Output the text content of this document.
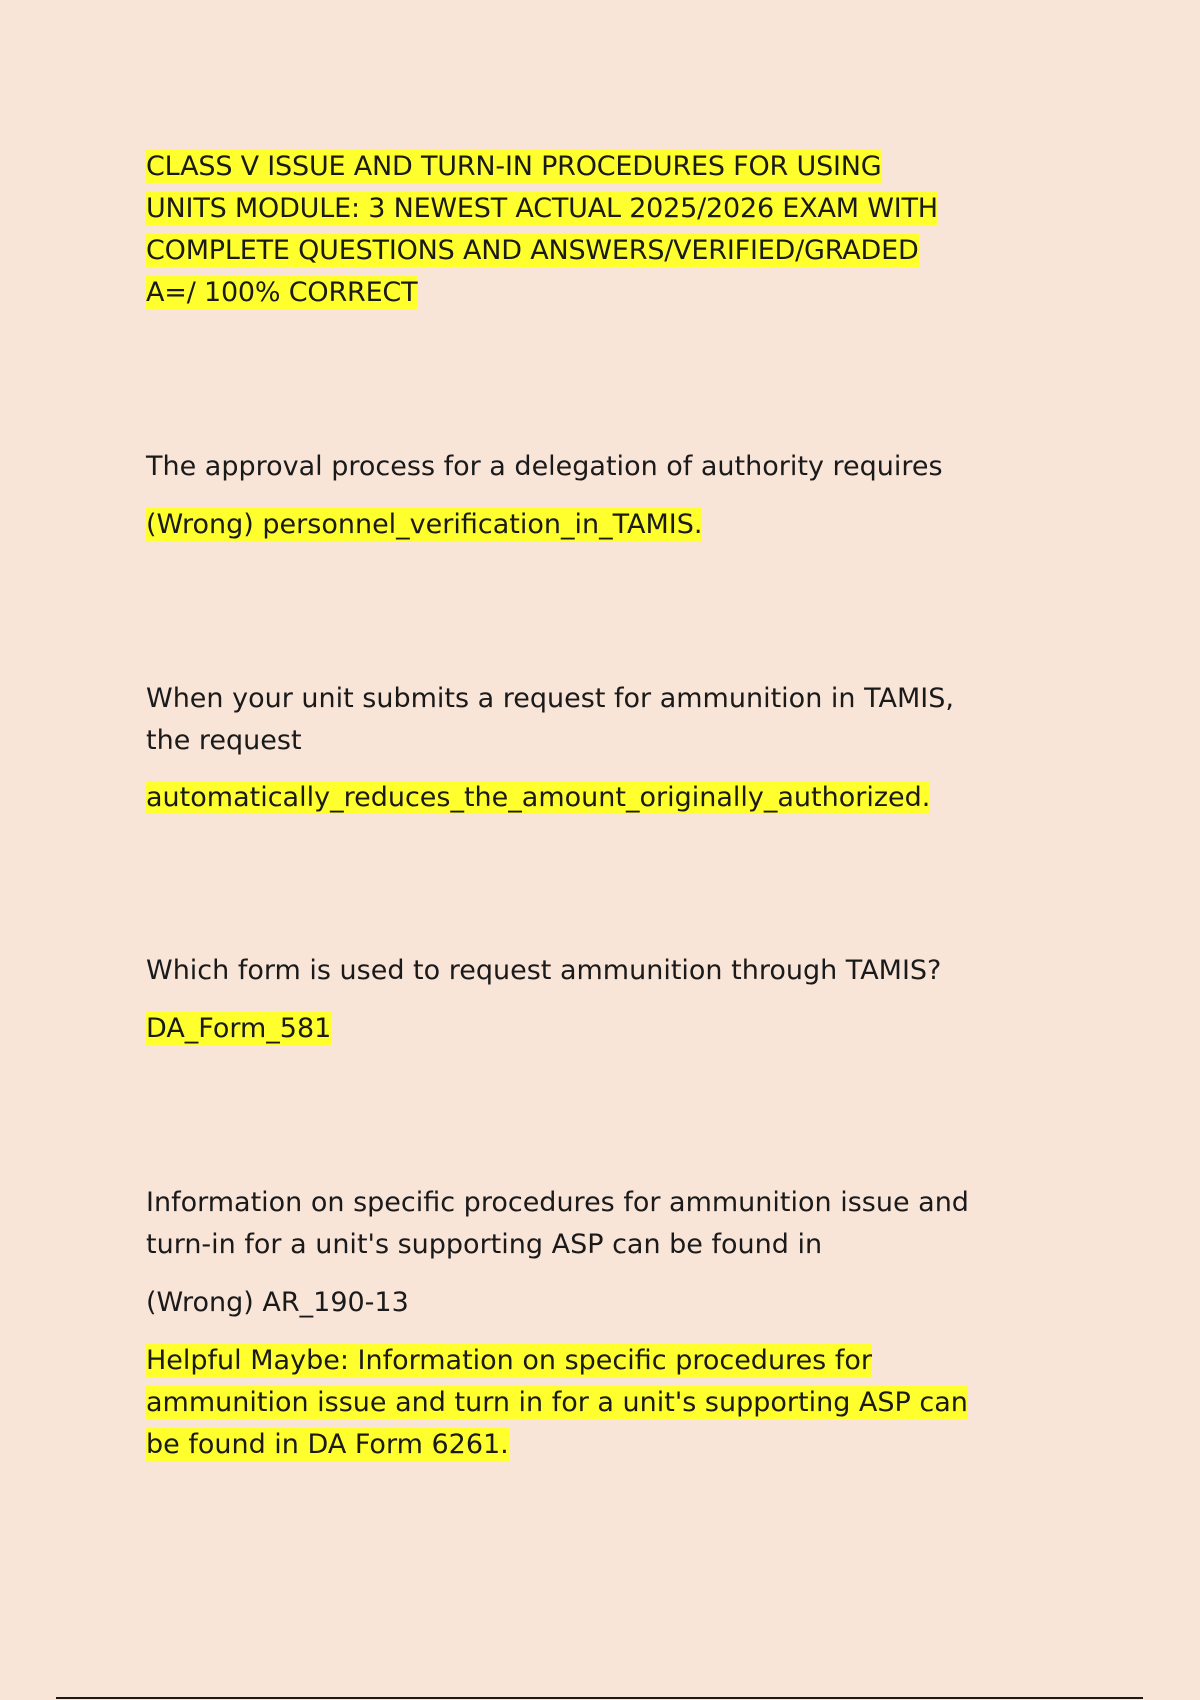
CLASS V ISSUE AND TURN-IN PROCEDURES FOR USING
UNITS MODULE: 3 NEWEST ACTUAL 2025/2026 EXAM WITH
COMPLETE QUESTIONS AND ANSWERS/VERIFIED/GRADED
A=/ 100% CORRECT
The approval process for a delegation of authority requires
(Wrong) personnel_verification_in_TAMIS.
When your unit submits a request for ammunition in TAMIS,
the request
automatically_reduces_the_amount_originally_authorized.
Which form is used to request ammunition through TAMIS?
DA_Form_581
Information on specific procedures for ammunition issue and
turn-in for a unit's supporting ASP can be found in
(Wrong) AR_190-13
Helpful Maybe: Information on specific procedures for
ammunition issue and turn in for a unit's supporting ASP can
be found in DA Form 6261.
